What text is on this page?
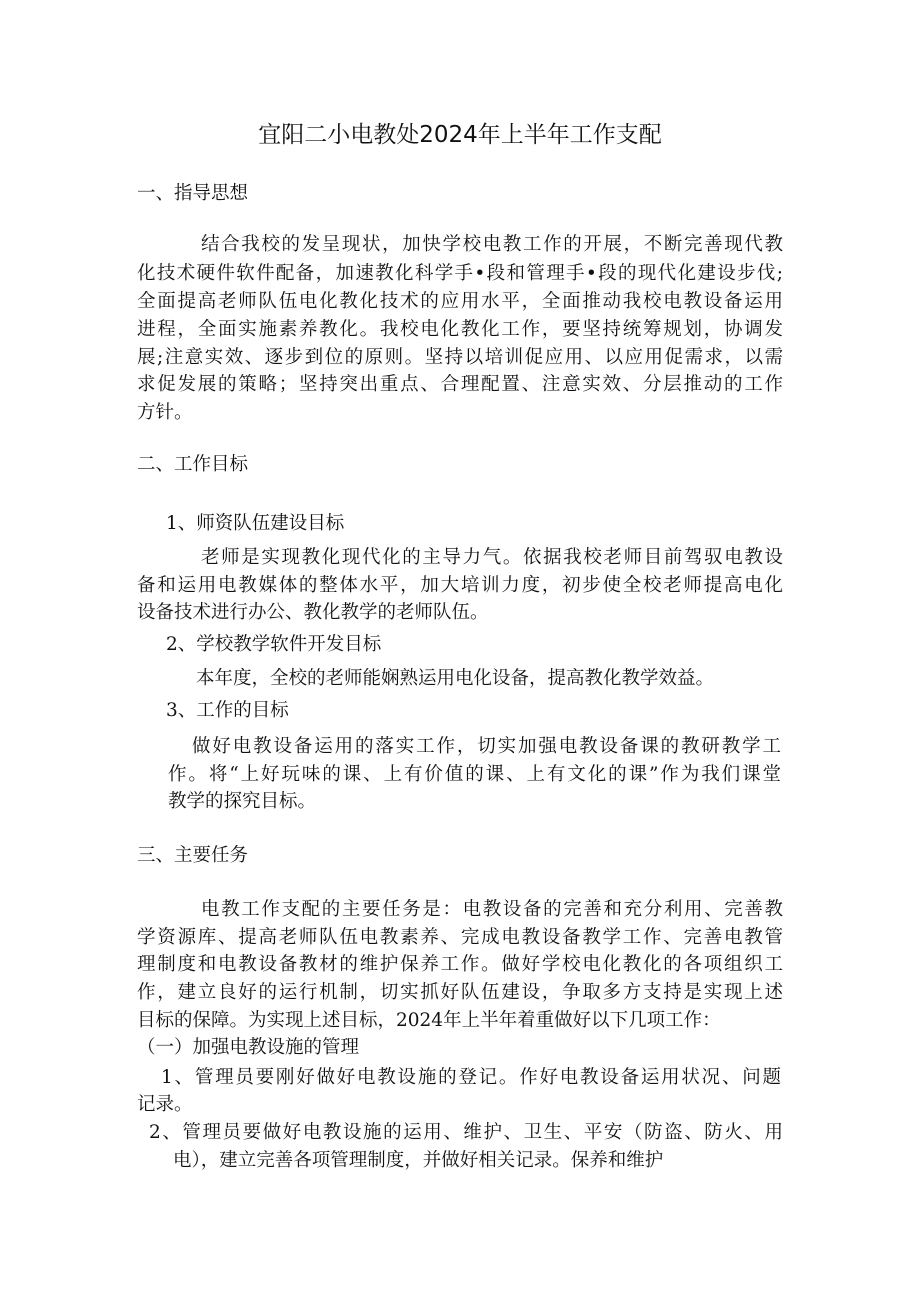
宜阳二小电教处2024年上半年工作支配
一、指导思想
结合我校的发呈现状，加快学校电教工作的开展，不断完善现代教
化技术硬件软件配备，加速教化科学手•段和管理手•段的现代化建设步伐;
全面提高老师队伍电化教化技术的应用水平，全面推动我校电教设备运用
进程，全面实施素养教化。我校电化教化工作，要坚持统筹规划，协调发
展;注意实效、逐步到位的原则。坚持以培训促应用、以应用促需求，以需
求促发展的策略；坚持突出重点、合理配置、注意实效、分层推动的工作
方针。
二、工作目标
1、师资队伍建设目标
老师是实现教化现代化的主导力气。依据我校老师目前驾驭电教设
备和运用电教媒体的整体水平，加大培训力度，初步使全校老师提高电化
设备技术进行办公、教化教学的老师队伍。
2、学校教学软件开发目标
本年度，全校的老师能娴熟运用电化设备，提高教化教学效益。
3、工作的目标
做好电教设备运用的落实工作，切实加强电教设备课的教研教学工
作。将“上好玩味的课、上有价值的课、上有文化的课”作为我们课堂
教学的探究目标。
三、主要任务
电教工作支配的主要任务是：电教设备的完善和充分利用、完善教
学资源库、提高老师队伍电教素养、完成电教设备教学工作、完善电教管
理制度和电教设备教材的维护保养工作。做好学校电化教化的各项组织工
作，建立良好的运行机制，切实抓好队伍建设，争取多方支持是实现上述
目标的保障。为实现上述目标，2024年上半年着重做好以下几项工作：
（一）加强电教设施的管理
1、管理员要刚好做好电教设施的登记。作好电教设备运用状况、问题
记录。
2、管理员要做好电教设施的运用、维护、卫生、平安（防盗、防火、用
电），建立完善各项管理制度，并做好相关记录。保养和维护
